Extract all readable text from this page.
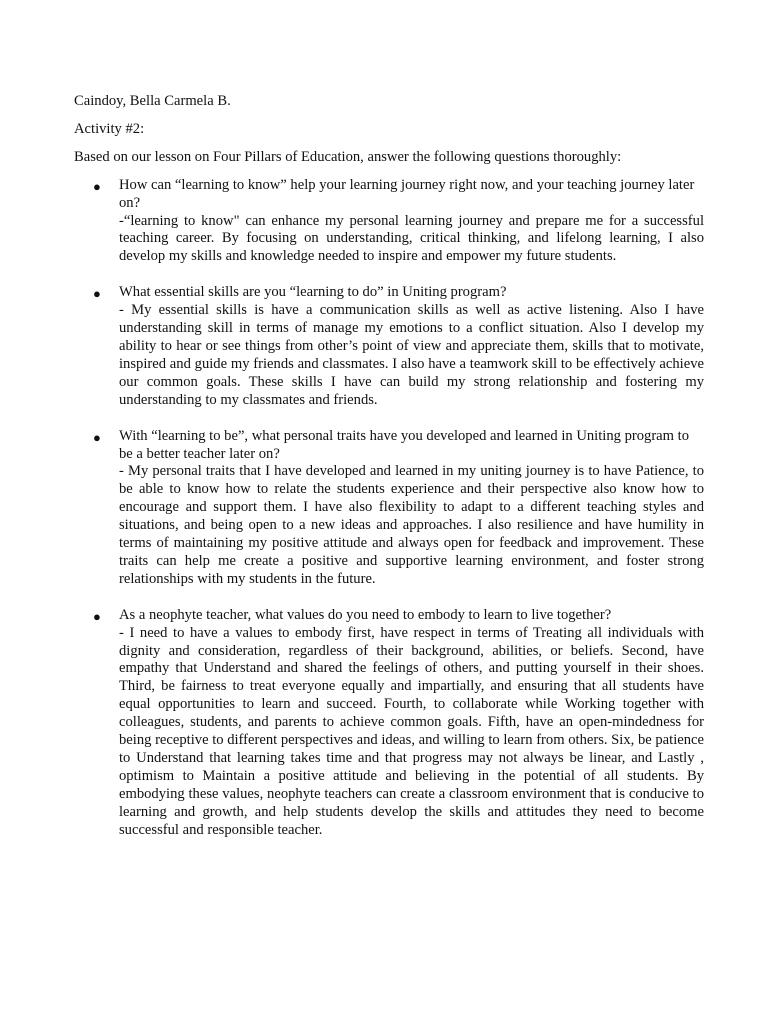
Caindoy, Bella Carmela B.

Activity #2:

Based on our lesson on Four Pillars of Education, answer the following questions thoroughly:

● How can “learning to know” help your learning journey right now, and your teaching journey later on?
-“learning to know" can enhance my personal learning journey and prepare me for a successful teaching career. By focusing on understanding, critical thinking, and lifelong learning, I also develop my skills and knowledge needed to inspire and empower my future students.
● What essential skills are you “learning to do” in Uniting program?
- My essential skills is have a communication skills as well as active listening. Also I have understanding skill in terms of manage my emotions to a conflict situation. Also I develop my ability to hear or see things from other’s point of view and appreciate them, skills that to motivate, inspired and guide my friends and classmates. I also have a teamwork skill to be effectively achieve our common goals. These skills I have can build my strong relationship and fostering my understanding to my classmates and friends.
● With “learning to be”, what personal traits have you developed and learned in Uniting program to be a better teacher later on?
- My personal traits that I have developed and learned in my uniting journey is to have Patience, to be able to know how to relate the students experience and their perspective also know how to encourage and support them. I have also flexibility to adapt to a different teaching styles and situations, and being open to a new ideas and approaches. I also resilience and have humility in terms of maintaining my positive attitude and always open for feedback and improvement. These traits can help me create a positive and supportive learning environment, and foster strong relationships with my students in the future.
● As a neophyte teacher, what values do you need to embody to learn to live together?
- I need to have a values to embody first, have respect in terms of Treating all individuals with dignity and consideration, regardless of their background, abilities, or beliefs. Second, have empathy that Understand and shared the feelings of others, and putting yourself in their shoes. Third, be fairness to treat everyone equally and impartially, and ensuring that all students have equal opportunities to learn and succeed. Fourth, to collaborate while Working together with colleagues, students, and parents to achieve common goals. Fifth, have an open-mindedness for being receptive to different perspectives and ideas, and willing to learn from others. Six, be patience to Understand that learning takes time and that progress may not always be linear, and Lastly , optimism to Maintain a positive attitude and believing in the potential of all students. By embodying these values, neophyte teachers can create a classroom environment that is conducive to learning and growth, and help students develop the skills and attitudes they need to become successful and responsible teacher.
